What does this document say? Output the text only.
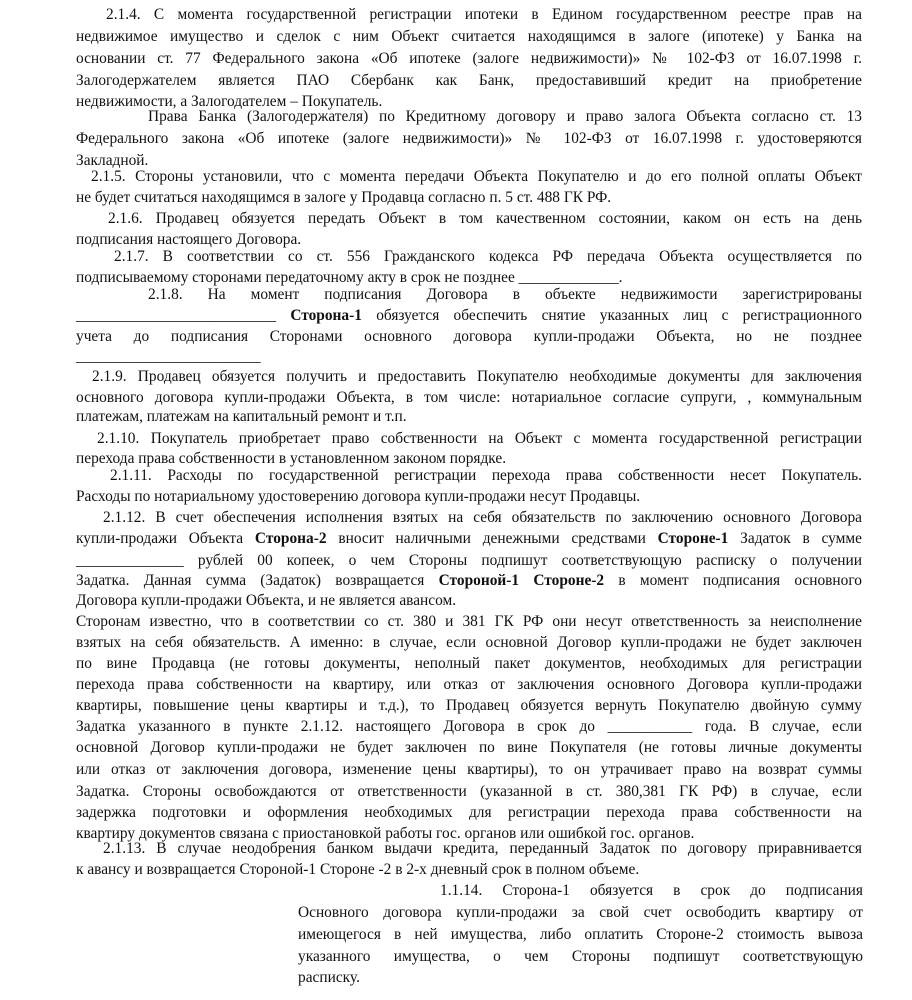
2.1.4. С момента государственной регистрации ипотеки в Едином государственном реестре прав на
недвижимое имущество и сделок с ним Объект считается находящимся в залоге (ипотеке) у Банка на
основании ст. 77 Федерального закона «Об ипотеке (залоге недвижимости)» № 102-ФЗ от 16.07.1998 г.
Залогодержателем является ПАО Сбербанк как Банк, предоставивший кредит на приобретение
недвижимости, а Залогодателем – Покупатель.
Права Банка (Залогодержателя) по Кредитному договору и право залога Объекта согласно ст. 13
Федерального закона «Об ипотеке (залоге недвижимости)» № 102-ФЗ от 16.07.1998 г. удостоверяются
Закладной.
2.1.5. Стороны установили, что с момента передачи Объекта Покупателю и до его полной оплаты Объект
не будет считаться находящимся в залоге у Продавца согласно п. 5 ст. 488 ГК РФ.
2.1.6. Продавец обязуется передать Объект в том качественном состоянии, каком он есть на день
подписания настоящего Договора.
2.1.7. В соответствии со ст. 556 Гражданского кодекса РФ передача Объекта осуществляется по
подписываемому сторонами передаточному акту в срок не позднее _____________.
2.1.8. На момент подписания Договора в объекте недвижимости зарегистрированы
__________________________ Сторона-1 обязуется обеспечить снятие указанных лиц с регистрационного
учета до подписания Сторонами основного договора купли-продажи Объекта, но не позднее
________________________
2.1.9. Продавец обязуется получить и предоставить Покупателю необходимые документы для заключения
основного договора купли-продажи Объекта, в том числе: нотариальное согласие супруги, , коммунальным
платежам, платежам на капитальный ремонт и т.п.
2.1.10. Покупатель приобретает право собственности на Объект с момента государственной регистрации
перехода права собственности в установленном законом порядке.
2.1.11. Расходы по государственной регистрации перехода права собственности несет Покупатель.
Расходы по нотариальному удостоверению договора купли-продажи несут Продавцы.
2.1.12. В счет обеспечения исполнения взятых на себя обязательств по заключению основного Договора
купли-продажи Объекта Сторона-2 вносит наличными денежными средствами Стороне-1 Задаток в сумме
______________ рублей 00 копеек, о чем Стороны подпишут соответствующую расписку о получении
Задатка. Данная сумма (Задаток) возвращается Стороной-1 Стороне-2 в момент подписания основного
Договора купли-продажи Объекта, и не является авансом.
Сторонам известно, что в соответствии со ст. 380 и 381 ГК РФ они несут ответственность за неисполнение
взятых на себя обязательств. А именно: в случае, если основной Договор купли-продажи не будет заключен
по вине Продавца (не готовы документы, неполный пакет документов, необходимых для регистрации
перехода права собственности на квартиру, или отказ от заключения основного Договора купли-продажи
квартиры, повышение цены квартиры и т.д.), то Продавец обязуется вернуть Покупателю двойную сумму
Задатка указанного в пункте 2.1.12. настоящего Договора в срок до ___________ года. В случае, если
основной Договор купли-продажи не будет заключен по вине Покупателя (не готовы личные документы
или отказ от заключения договора, изменение цены квартиры), то он утрачивает право на возврат суммы
Задатка. Стороны освобождаются от ответственности (указанной в ст. 380,381 ГК РФ) в случае, если
задержка подготовки и оформления необходимых для регистрации перехода права собственности на
квартиру документов связана с приостановкой работы гос. органов или ошибкой гос. органов.
2.1.13. В случае неодобрения банком выдачи кредита, переданный Задаток по договору приравнивается
к авансу и возвращается Стороной-1 Стороне -2 в 2-х дневный срок в полном объеме.
1.1.14. Сторона-1 обязуется в срок до подписания
Основного договора купли-продажи за свой счет освободить квартиру от
имеющегося в ней имущества, либо оплатить Стороне-2 стоимость вывоза
указанного имущества, о чем Стороны подпишут соответствующую
расписку.
